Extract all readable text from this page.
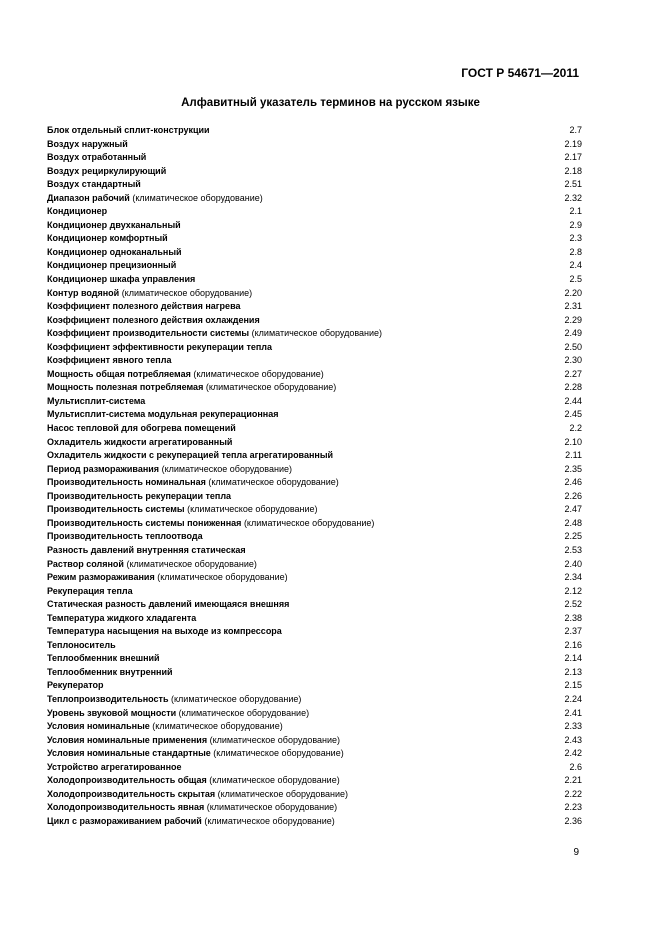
ГОСТ Р 54671—2011

Алфавитный указатель терминов на русском языке
Блок отдельный сплит-конструкции	2.7
Воздух наружный	2.19
Воздух отработанный	2.17
Воздух рециркулирующий	2.18
Воздух стандартный	2.51
Диапазон рабочий (климатическое оборудование)	2.32
Кондиционер	2.1
Кондиционер двухканальный	2.9
Кондиционер комфортный	2.3
Кондиционер одноканальный	2.8
Кондиционер прецизионный	2.4
Кондиционер шкафа управления	2.5
Контур водяной (климатическое оборудование)	2.20
Коэффициент полезного действия нагрева	2.31
Коэффициент полезного действия охлаждения	2.29
Коэффициент производительности системы (климатическое оборудование)	2.49
Коэффициент эффективности рекуперации тепла	2.50
Коэффициент явного тепла	2.30
Мощность общая потребляемая (климатическое оборудование)	2.27
Мощность полезная потребляемая (климатическое оборудование)	2.28
Мультисплит-система	2.44
Мультисплит-система модульная рекуперационная	2.45
Насос тепловой для обогрева помещений	2.2
Охладитель жидкости агрегатированный	2.10
Охладитель жидкости с рекуперацией тепла агрегатированный	2.11
Период размораживания (климатическое оборудование)	2.35
Производительность номинальная (климатическое оборудование)	2.46
Производительность рекуперации тепла	2.26
Производительность системы (климатическое оборудование)	2.47
Производительность системы пониженная (климатическое оборудование)	2.48
Производительность теплоотвода	2.25
Разность давлений внутренняя статическая	2.53
Раствор соляной (климатическое оборудование)	2.40
Режим размораживания (климатическое оборудование)	2.34
Рекуперация тепла	2.12
Статическая разность давлений имеющаяся внешняя	2.52
Температура жидкого хладагента	2.38
Температура насыщения на выходе из компрессора	2.37
Теплоноситель	2.16
Теплообменник внешний	2.14
Теплообменник внутренний	2.13
Рекуператор	2.15
Теплопроизводительность (климатическое оборудование)	2.24
Уровень звуковой мощности (климатическое оборудование)	2.41
Условия номинальные (климатическое оборудование)	2.33
Условия номинальные применения (климатическое оборудование)	2.43
Условия номинальные стандартные (климатическое оборудование)	2.42
Устройство агрегатированное	2.6
Холодопроизводительность общая (климатическое оборудование)	2.21
Холодопроизводительность скрытая (климатическое оборудование)	2.22
Холодопроизводительность явная (климатическое оборудование)	2.23
Цикл с размораживанием рабочий (климатическое оборудование)	2.36

9
